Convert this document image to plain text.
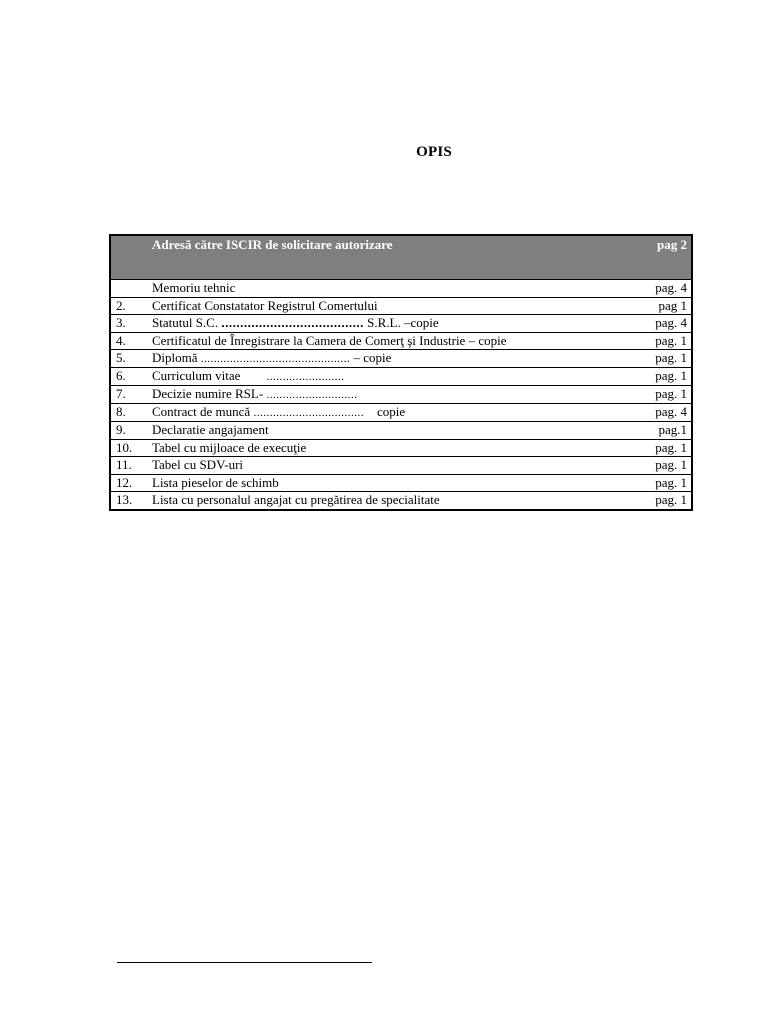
OPIS
	Adresă către ISCIR de solicitare autorizare	pag 2
	Memoriu tehnic	pag. 4
2.	Certificat Constatator Registrul Comertului	pag 1
3.	Statutul S.C. ...................................... S.R.L. –copie	pag. 4
4.	Certificatul de Înregistrare la Camera de Comerţ şi Industrie – copie	pag. 1
5.	Diplomă .............................................. – copie	pag. 1
6.	Curriculum vitae        ........................	pag. 1
7.	Decizie numire RSL- ............................	pag. 1
8.	Contract de muncă ..................................    copie	pag. 4
9.	Declaratie angajament	pag.1
10.	Tabel cu mijloace de execuţie	pag. 1
11.	Tabel cu SDV-uri	pag. 1
12.	Lista pieselor de schimb	pag. 1
13.	Lista cu personalul angajat cu pregătirea de specialitate	pag. 1
